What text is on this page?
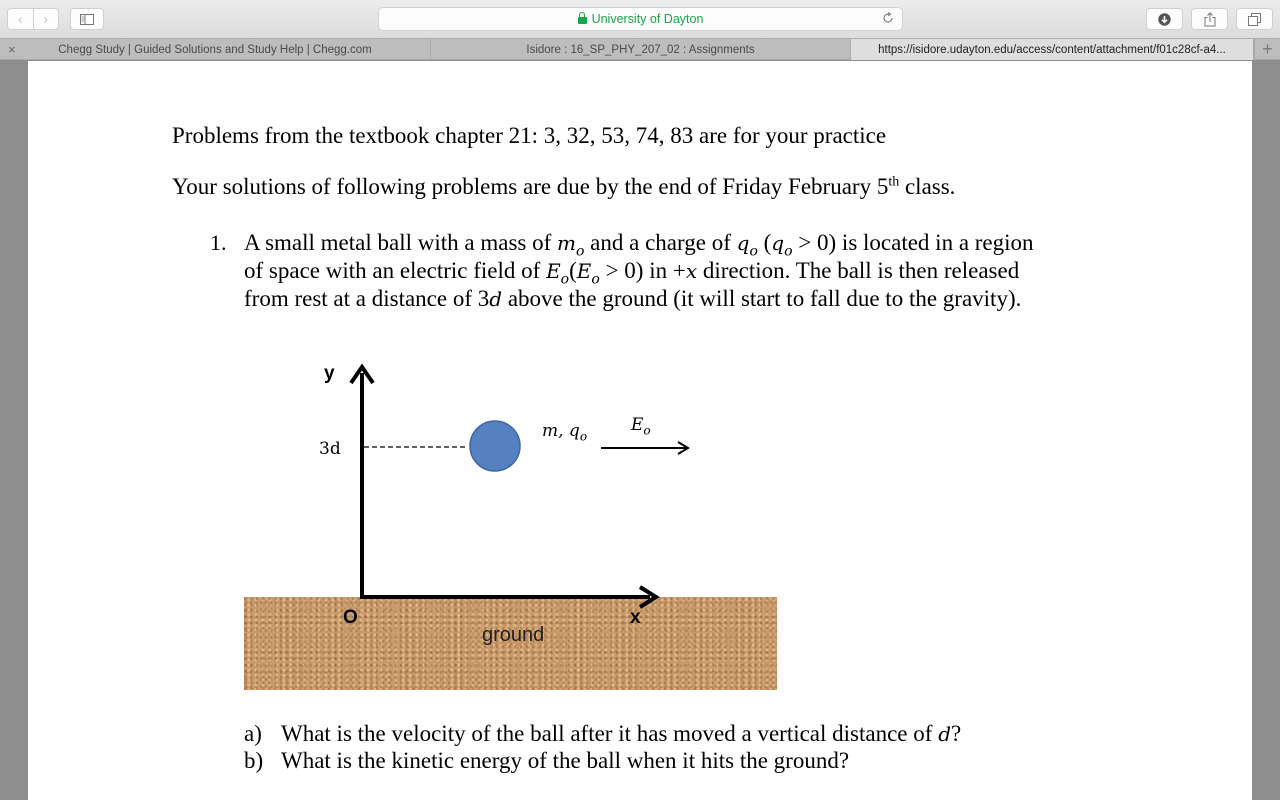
‹ ›	University of Dayton
×	Chegg Study | Guided Solutions and Study Help | Chegg.com	Isidore : 16_SP_PHY_207_02 : Assignments	https://isidore.udayton.edu/access/content/attachment/f01c28cf-a4... +
Problems from the textbook chapter 21: 3, 32, 53, 74, 83 are for your practice
Your solutions of following problems are due by the end of Friday February 5th class.
1. A small metal ball with a mass of $m_o$ and a charge of $q_o$ $(q_o > 0)$ is located in a region
of space with an electric field of $E_o(E_o > 0)$ in +x direction. The ball is then released
from rest at a distance of 3d above the ground (it will start to fall due to the gravity).
y
3d
m, $q_o$
$E_o$
O	x
ground
a) What is the velocity of the ball after it has moved a vertical distance of d?
b) What is the kinetic energy of the ball when it hits the ground?
